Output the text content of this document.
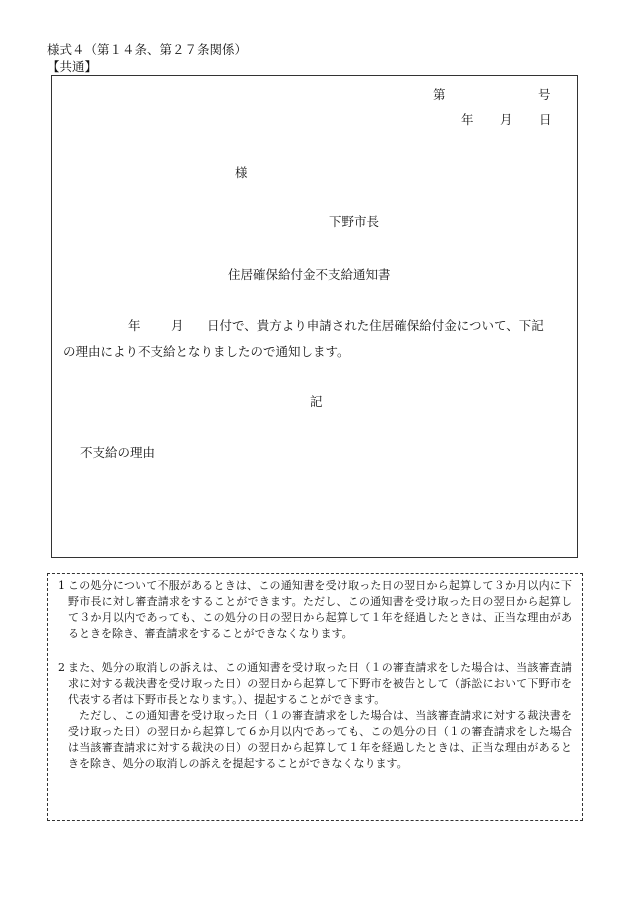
様式４（第１４条、第２７条関係）
【共通】
第	号
年 月 日
様
下野市長
住居確保給付金不支給通知書
年 月 日付で、貴方より申請された住居確保給付金について、下記
の理由により不支給となりましたので通知します。
記
不支給の理由
1 この処分について不服があるときは、この通知書を受け取った日の翌日から起算して３か月以内に下野市長に対し審査請求をすることができます。ただし、この通知書を受け取った日の翌日から起算して３か月以内であっても、この処分の日の翌日から起算して１年を経過したときは、正当な理由があるときを除き、審査請求をすることができなくなります。

2 また、処分の取消しの訴えは、この通知書を受け取った日（１の審査請求をした場合は、当該審査請求に対する裁決書を受け取った日）の翌日から起算して下野市を被告として（訴訟において下野市を代表する者は下野市長となります。）、提起することができます。

ただし、この通知書を受け取った日（１の審査請求をした場合は、当該審査請求に対する裁決書を受け取った日）の翌日から起算して６か月以内であっても、この処分の日（１の審査請求をした場合は当該審査請求に対する裁決の日）の翌日から起算して１年を経過したときは、正当な理由があるときを除き、処分の取消しの訴えを提起することができなくなります。
